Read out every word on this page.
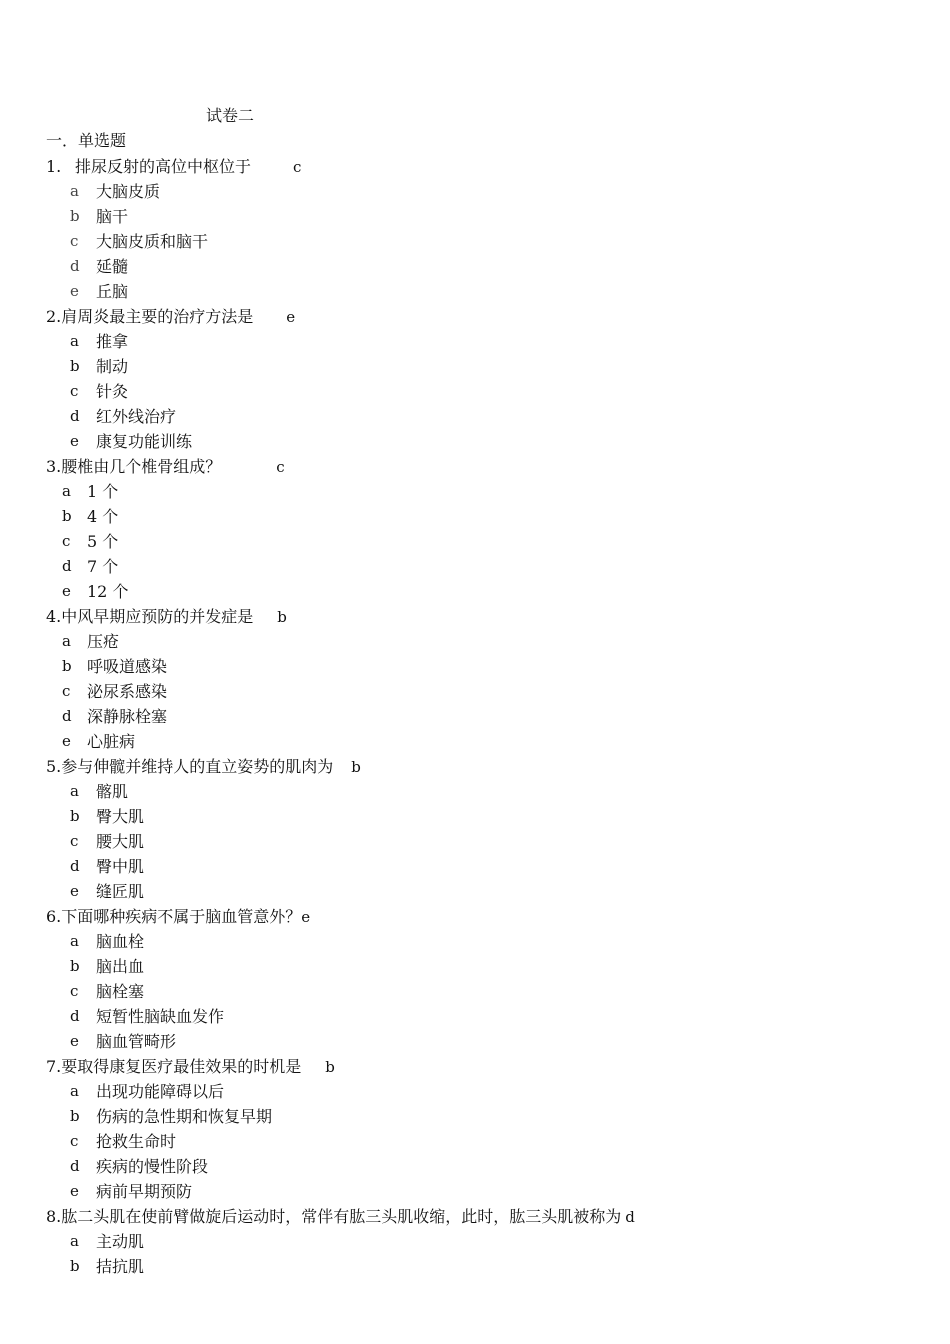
试卷二
一．单选题
1. 排尿反射的高位中枢位于	c
a 大脑皮质
b 脑干
c 大脑皮质和脑干
d 延髓
e 丘脑
2.肩周炎最主要的治疗方法是 e
a 推拿
b 制动
c 针灸
d 红外线治疗
e 康复功能训练
3.腰椎由几个椎骨组成？	c
a 1 个
b 4 个
c 5 个
d 7 个
e 12 个
4.中风早期应预防的并发症是 b
a 压疮
b 呼吸道感染
c 泌尿系感染
d 深静脉栓塞
e 心脏病
5.参与伸髋并维持人的直立姿势的肌肉为 b
a 髂肌
b 臀大肌
c 腰大肌
d 臀中肌
e 缝匠肌
6.下面哪种疾病不属于脑血管意外？e
a 脑血栓
b 脑出血
c 脑栓塞
d 短暂性脑缺血发作
e 脑血管畸形
7.要取得康复医疗最佳效果的时机是 b
a 出现功能障碍以后
b 伤病的急性期和恢复早期
c 抢救生命时
d 疾病的慢性阶段
e 病前早期预防
8.肱二头肌在使前臂做旋后运动时，常伴有肱三头肌收缩，此时，肱三头肌被称为 d
a 主动肌
b 拮抗肌
